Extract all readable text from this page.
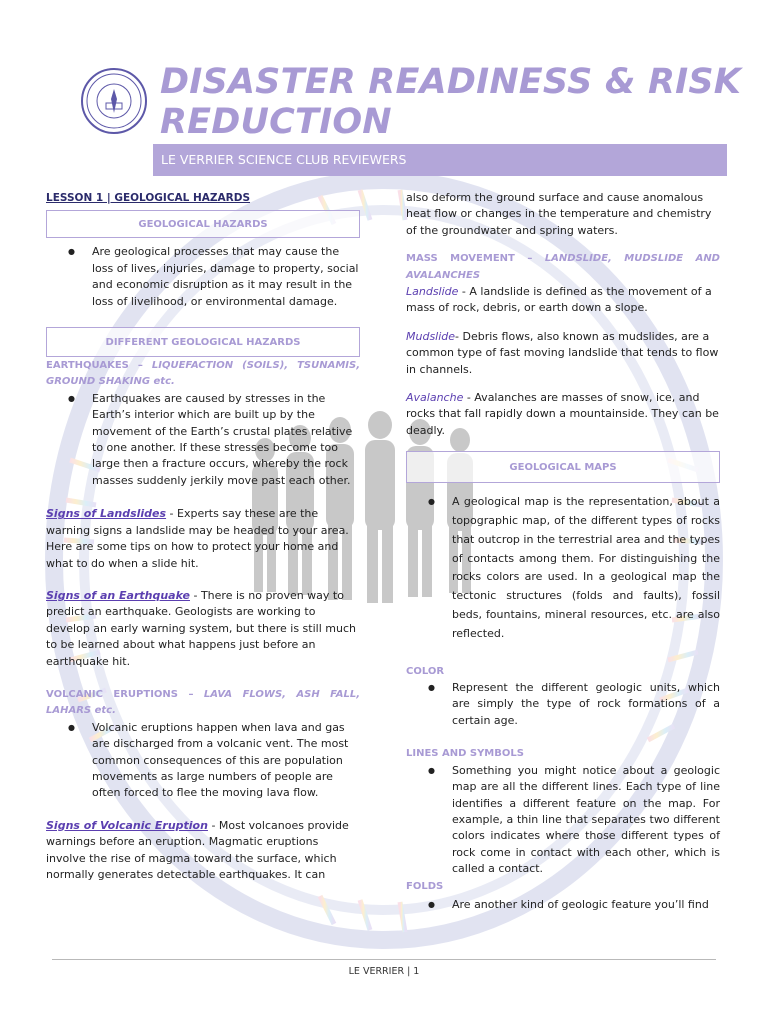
DISASTER READINESS & RISK REDUCTION
LE VERRIER SCIENCE CLUB REVIEWERS

LESSON 1 | GEOLOGICAL HAZARDS

GEOLOGICAL HAZARDS

● Are geological processes that may cause the loss of lives, injuries, damage to property, social and economic disruption as it may result in the loss of livelihood, or environmental damage.

DIFFERENT GEOLOGICAL HAZARDS

EARTHQUAKES – LIQUEFACTION (SOILS), TSUNAMIS, GROUND SHAKING etc.

● Earthquakes are caused by stresses in the Earth’s interior which are built up by the movement of the Earth’s crustal plates relative to one another. If these stresses become too large then a fracture occurs, whereby the rock masses suddenly jerkily move past each other.

Signs of Landslides - Experts say these are the warning signs a landslide may be headed to your area. Here are some tips on how to protect your home and what to do when a slide hit.

Signs of an Earthquake - There is no proven way to predict an earthquake. Geologists are working to develop an early warning system, but there is still much to be learned about what happens just before an earthquake hit.

VOLCANIC ERUPTIONS – LAVA FLOWS, ASH FALL, LAHARS etc.

● Volcanic eruptions happen when lava and gas are discharged from a volcanic vent. The most common consequences of this are population movements as large numbers of people are often forced to flee the moving lava flow.

Signs of Volcanic Eruption - Most volcanoes provide warnings before an eruption. Magmatic eruptions involve the rise of magma toward the surface, which normally generates detectable earthquakes. It can

also deform the ground surface and cause anomalous heat flow or changes in the temperature and chemistry of the groundwater and spring waters.

MASS MOVEMENT – LANDSLIDE, MUDSLIDE AND AVALANCHES

Landslide - A landslide is defined as the movement of a mass of rock, debris, or earth down a slope.

Mudslide- Debris flows, also known as mudslides, are a common type of fast moving landslide that tends to flow in channels.

Avalanche - Avalanches are masses of snow, ice, and rocks that fall rapidly down a mountainside. They can be deadly.

GEOLOGICAL MAPS

● A geological map is the representation, about a topographic map, of the different types of rocks that outcrop in the terrestrial area and the types of contacts among them. For distinguishing the rocks colors are used. In a geological map the tectonic structures (folds and faults), fossil beds, fountains, mineral resources, etc. are also reflected.

COLOR

● Represent the different geologic units, which are simply the type of rock formations of a certain age.

LINES AND SYMBOLS

● Something you might notice about a geologic map are all the different lines. Each type of line identifies a different feature on the map. For example, a thin line that separates two different colors indicates where those different types of rock come in contact with each other, which is called a contact.

FOLDS

● Are another kind of geologic feature you’ll find

LE VERRIER | 1
